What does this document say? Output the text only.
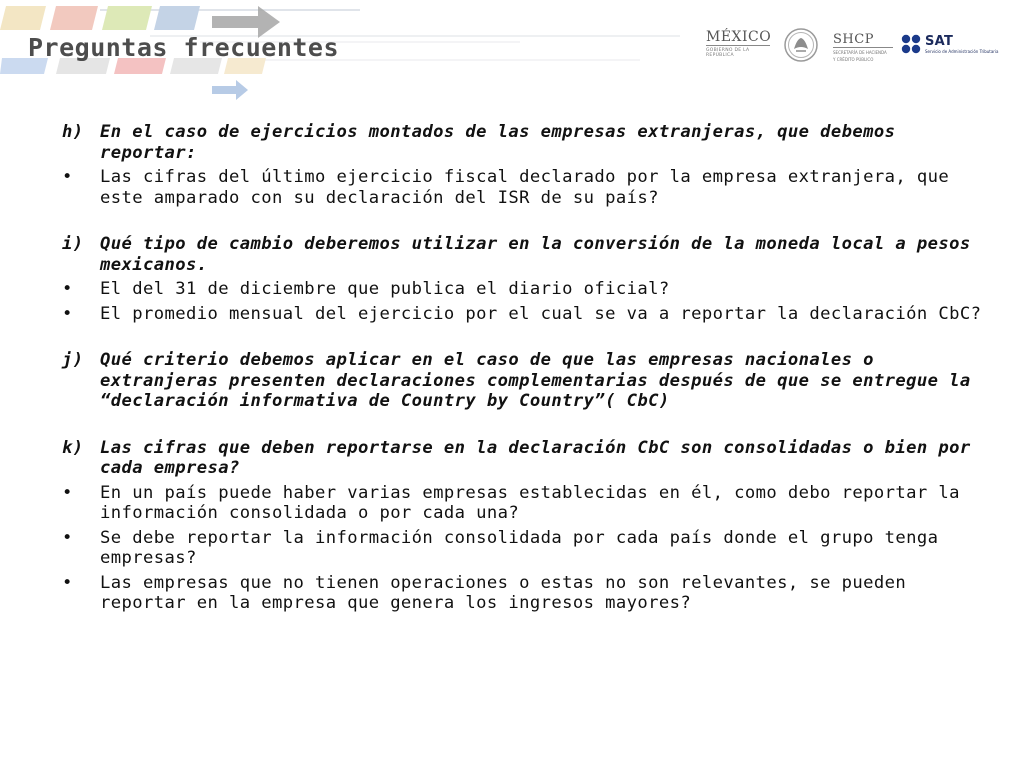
Preguntas frecuentes	MÉXICO
GOBIERNO DE LA REPÚBLICA
SHCP
SECRETARÍA DE HACIENDA
Y CRÉDITO PÚBLICO
SAT
Servicio de Administración Tributaria
h) En el caso de ejercicios montados de las empresas extranjeras, que debemos reportar:
•	Las cifras del último ejercicio fiscal declarado por la empresa extranjera, que este amparado con su declaración del ISR de su país?
i) Qué tipo de cambio deberemos utilizar en la conversión de la moneda local a pesos mexicanos.
•	El del 31 de diciembre que publica el diario oficial?
•	El promedio mensual del ejercicio por el cual se va a reportar la declaración CbC?
j) Qué criterio debemos aplicar en el caso de que las empresas nacionales o extranjeras presenten declaraciones complementarias después de que se entregue la “declaración informativa de Country by Country”( CbC)
k) Las cifras que deben reportarse en la declaración CbC son consolidadas o bien por cada empresa?
•	En un país puede haber varias empresas establecidas en él, como debo reportar la información consolidada o por cada una?
•	Se debe reportar la información consolidada por cada país donde el grupo tenga empresas?
•	Las empresas que no tienen operaciones o estas no son relevantes, se pueden reportar en la empresa que genera los ingresos mayores?
